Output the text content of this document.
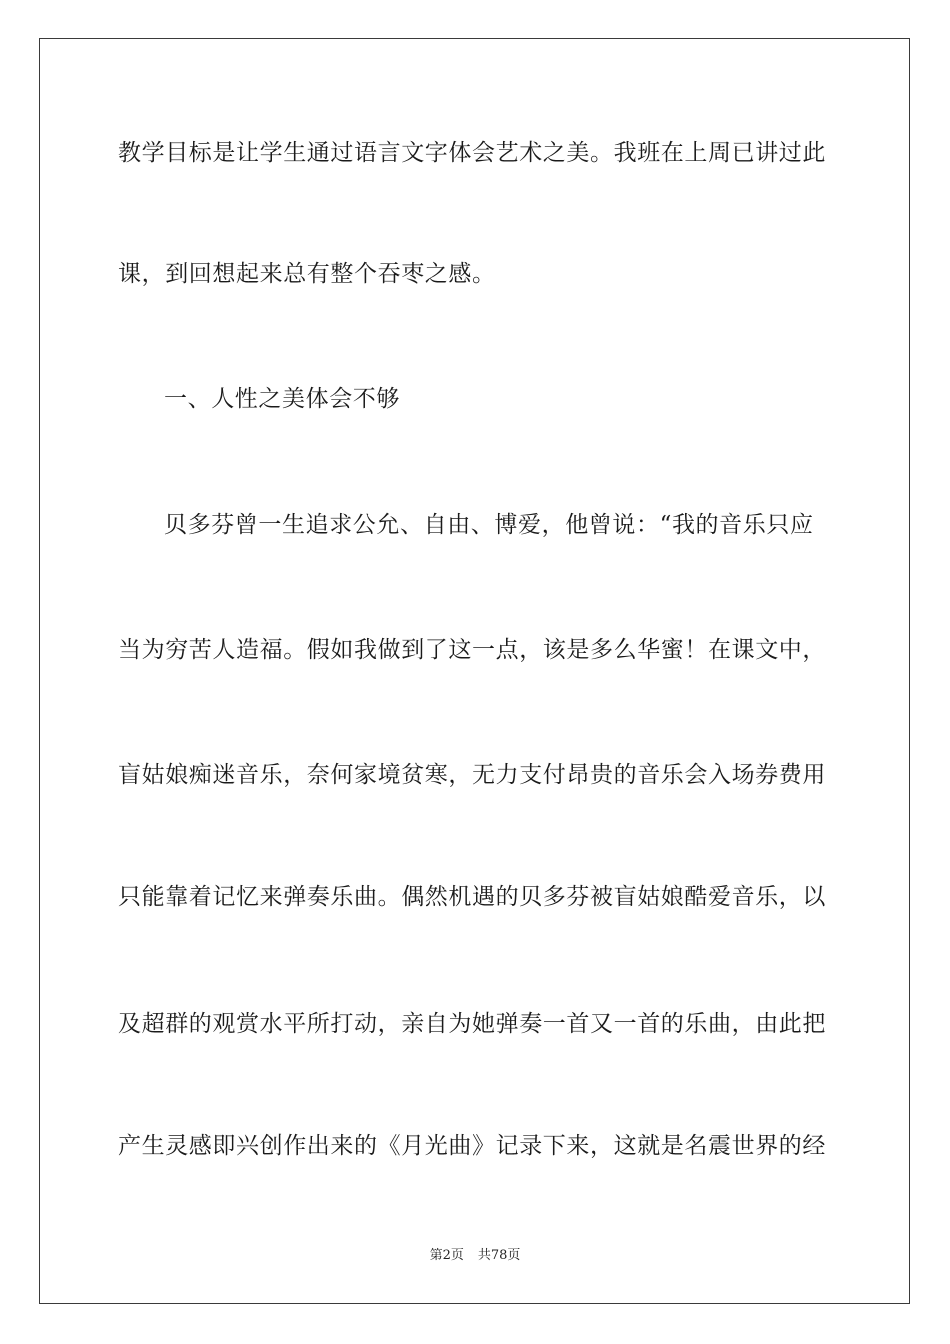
教学目标是让学生通过语言文字体会艺术之美。我班在上周已讲过此
课，到回想起来总有整个吞枣之感。
一、人性之美体会不够
贝多芬曾一生追求公允、自由、博爱，他曾说：“我的音乐只应
当为穷苦人造福。假如我做到了这一点，该是多么华蜜！在课文中，
盲姑娘痴迷音乐，奈何家境贫寒，无力支付昂贵的音乐会入场券费用
只能靠着记忆来弹奏乐曲。偶然机遇的贝多芬被盲姑娘酷爱音乐，以
及超群的观赏水平所打动，亲自为她弹奏一首又一首的乐曲，由此把
产生灵感即兴创作出来的《月光曲》记录下来，这就是名震世界的经
第2页 共78页
